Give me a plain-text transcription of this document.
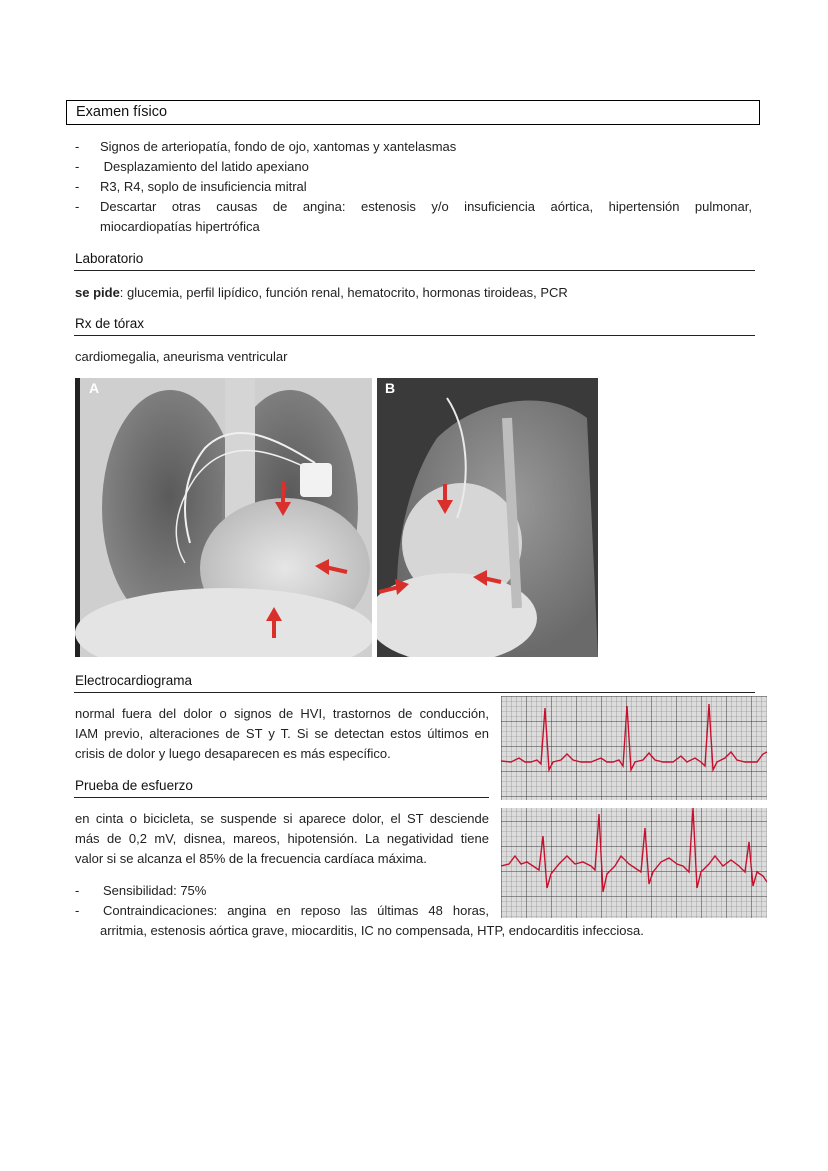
Examen físico
- Signos de arteriopatía, fondo de ojo, xantomas y xantelasmas
- Desplazamiento del latido apexiano
- R3, R4, soplo de insuficiencia mitral
- Descartar otras causas de angina: estenosis y/o insuficiencia aórtica, hipertensión pulmonar,
miocardiopatías hipertrófica
Laboratorio
se pide: glucemia, perfil lipídico, función renal, hematocrito, hormonas tiroideas, PCR
Rx de tórax
cardiomegalia, aneurisma ventricular
A	B
Electrocardiograma
normal fuera del dolor o signos de HVI, trastornos de conducción,
IAM previo, alteraciones de ST y T. Si se detectan estos últimos en
crisis de dolor y luego desaparecen es más específico.
Prueba de esfuerzo
en cinta o bicicleta, se suspende si aparece dolor, el ST desciende
más de 0,2 mV, disnea, mareos, hipotensión. La negatividad tiene
valor si se alcanza el 85% de la frecuencia cardíaca máxima.
- Sensibilidad: 75%
- Contraindicaciones: angina en reposo las últimas 48 horas,
arritmia, estenosis aórtica grave, miocarditis, IC no compensada, HTP, endocarditis infecciosa.
